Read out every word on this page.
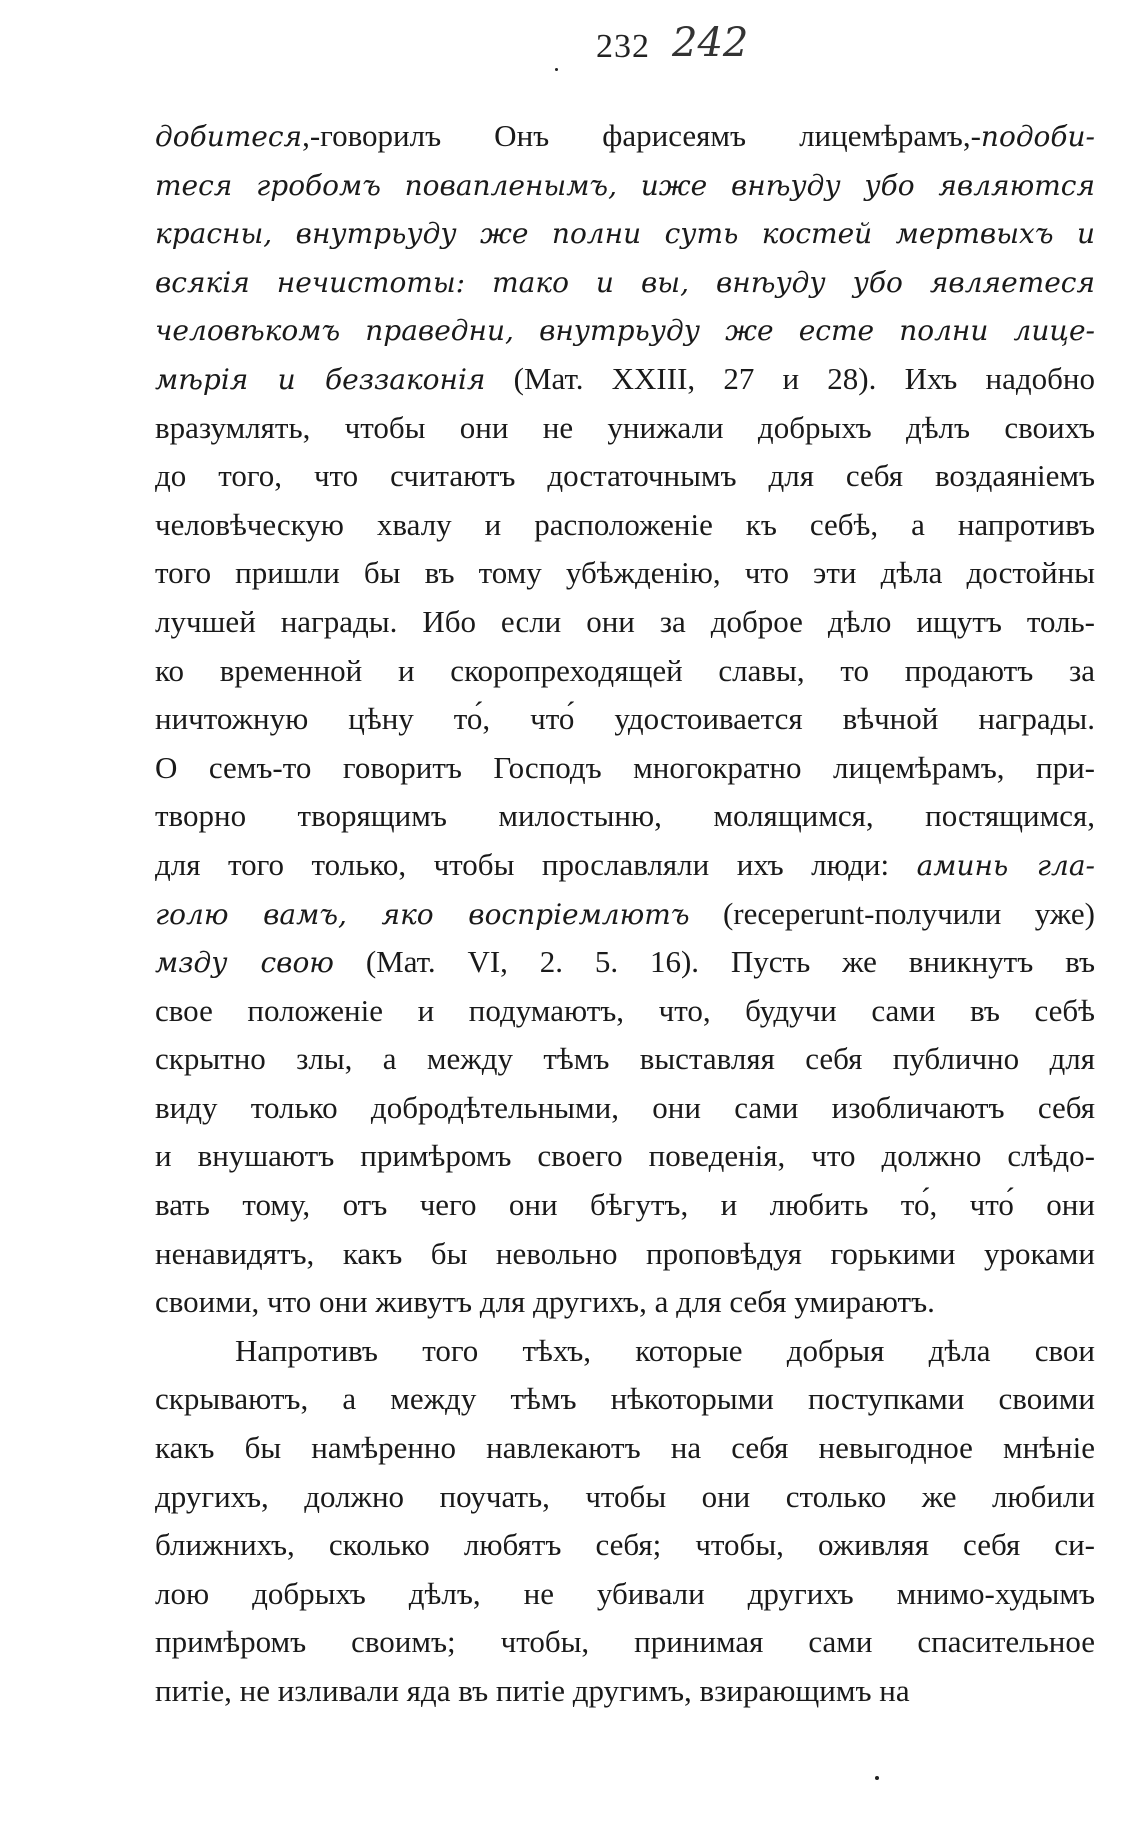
232 242
добитеся,-говорилъ Онъ фарисеямъ лицемѣрамъ,-подоби-
теся гробомъ повапленымъ, иже внѣуду убо являются
красны, внутрьуду же полни суть костей мертвыхъ и
всякія нечистоты: тако и вы, внѣуду убо являетеся
человѣкомъ праведни, внутрьуду же есте полни лице-
мѣрія и беззаконія (Мат. XXIII, 27 и 28). Ихъ надобно
вразумлять, чтобы они не унижали добрыхъ дѣлъ своихъ
до того, что считаютъ достаточнымъ для себя воздаяніемъ
человѣческую хвалу и расположеніе къ себѣ, а напротивъ
того пришли бы въ тому убѣжденію, что эти дѣла достойны
лучшей награды. Ибо если они за доброе дѣло ищутъ толь-
ко временной и скоропреходящей славы, то продаютъ за
ничтожную цѣну то́, что́ удостоивается вѣчной награды.
О семъ-то говоритъ Господъ многократно лицемѣрамъ, при-
творно творящимъ милостыню, молящимся, постящимся,
для того только, чтобы прославляли ихъ люди: аминь гла-
голю вамъ, яко воспріемлютъ (receperunt-получили уже)
мзду свою (Мат. VI, 2. 5. 16). Пусть же вникнутъ въ
свое положеніе и подумаютъ, что, будучи сами въ себѣ
скрытно злы, а между тѣмъ выставляя себя публично для
виду только добродѣтельными, они сами изобличаютъ себя
и внушаютъ примѣромъ своего поведенія, что должно слѣдо-
вать тому, отъ чего они бѣгутъ, и любить то́, что́ они
ненавидятъ, какъ бы невольно проповѣдуя горькими уроками
своими, что они живутъ для другихъ, а для себя умираютъ.
Напротивъ того тѣхъ, которые добрыя дѣла свои
скрываютъ, а между тѣмъ нѣкоторыми поступками своими
какъ бы намѣренно навлекаютъ на себя невыгодное мнѣніе
другихъ, должно поучать, чтобы они столько же любили
ближнихъ, сколько любятъ себя; чтобы, оживляя себя си-
лою добрыхъ дѣлъ, не убивали другихъ мнимо-худымъ
примѣромъ своимъ; чтобы, принимая сами спасительное
питіе, не изливали яда въ питіе другимъ, взирающимъ на
